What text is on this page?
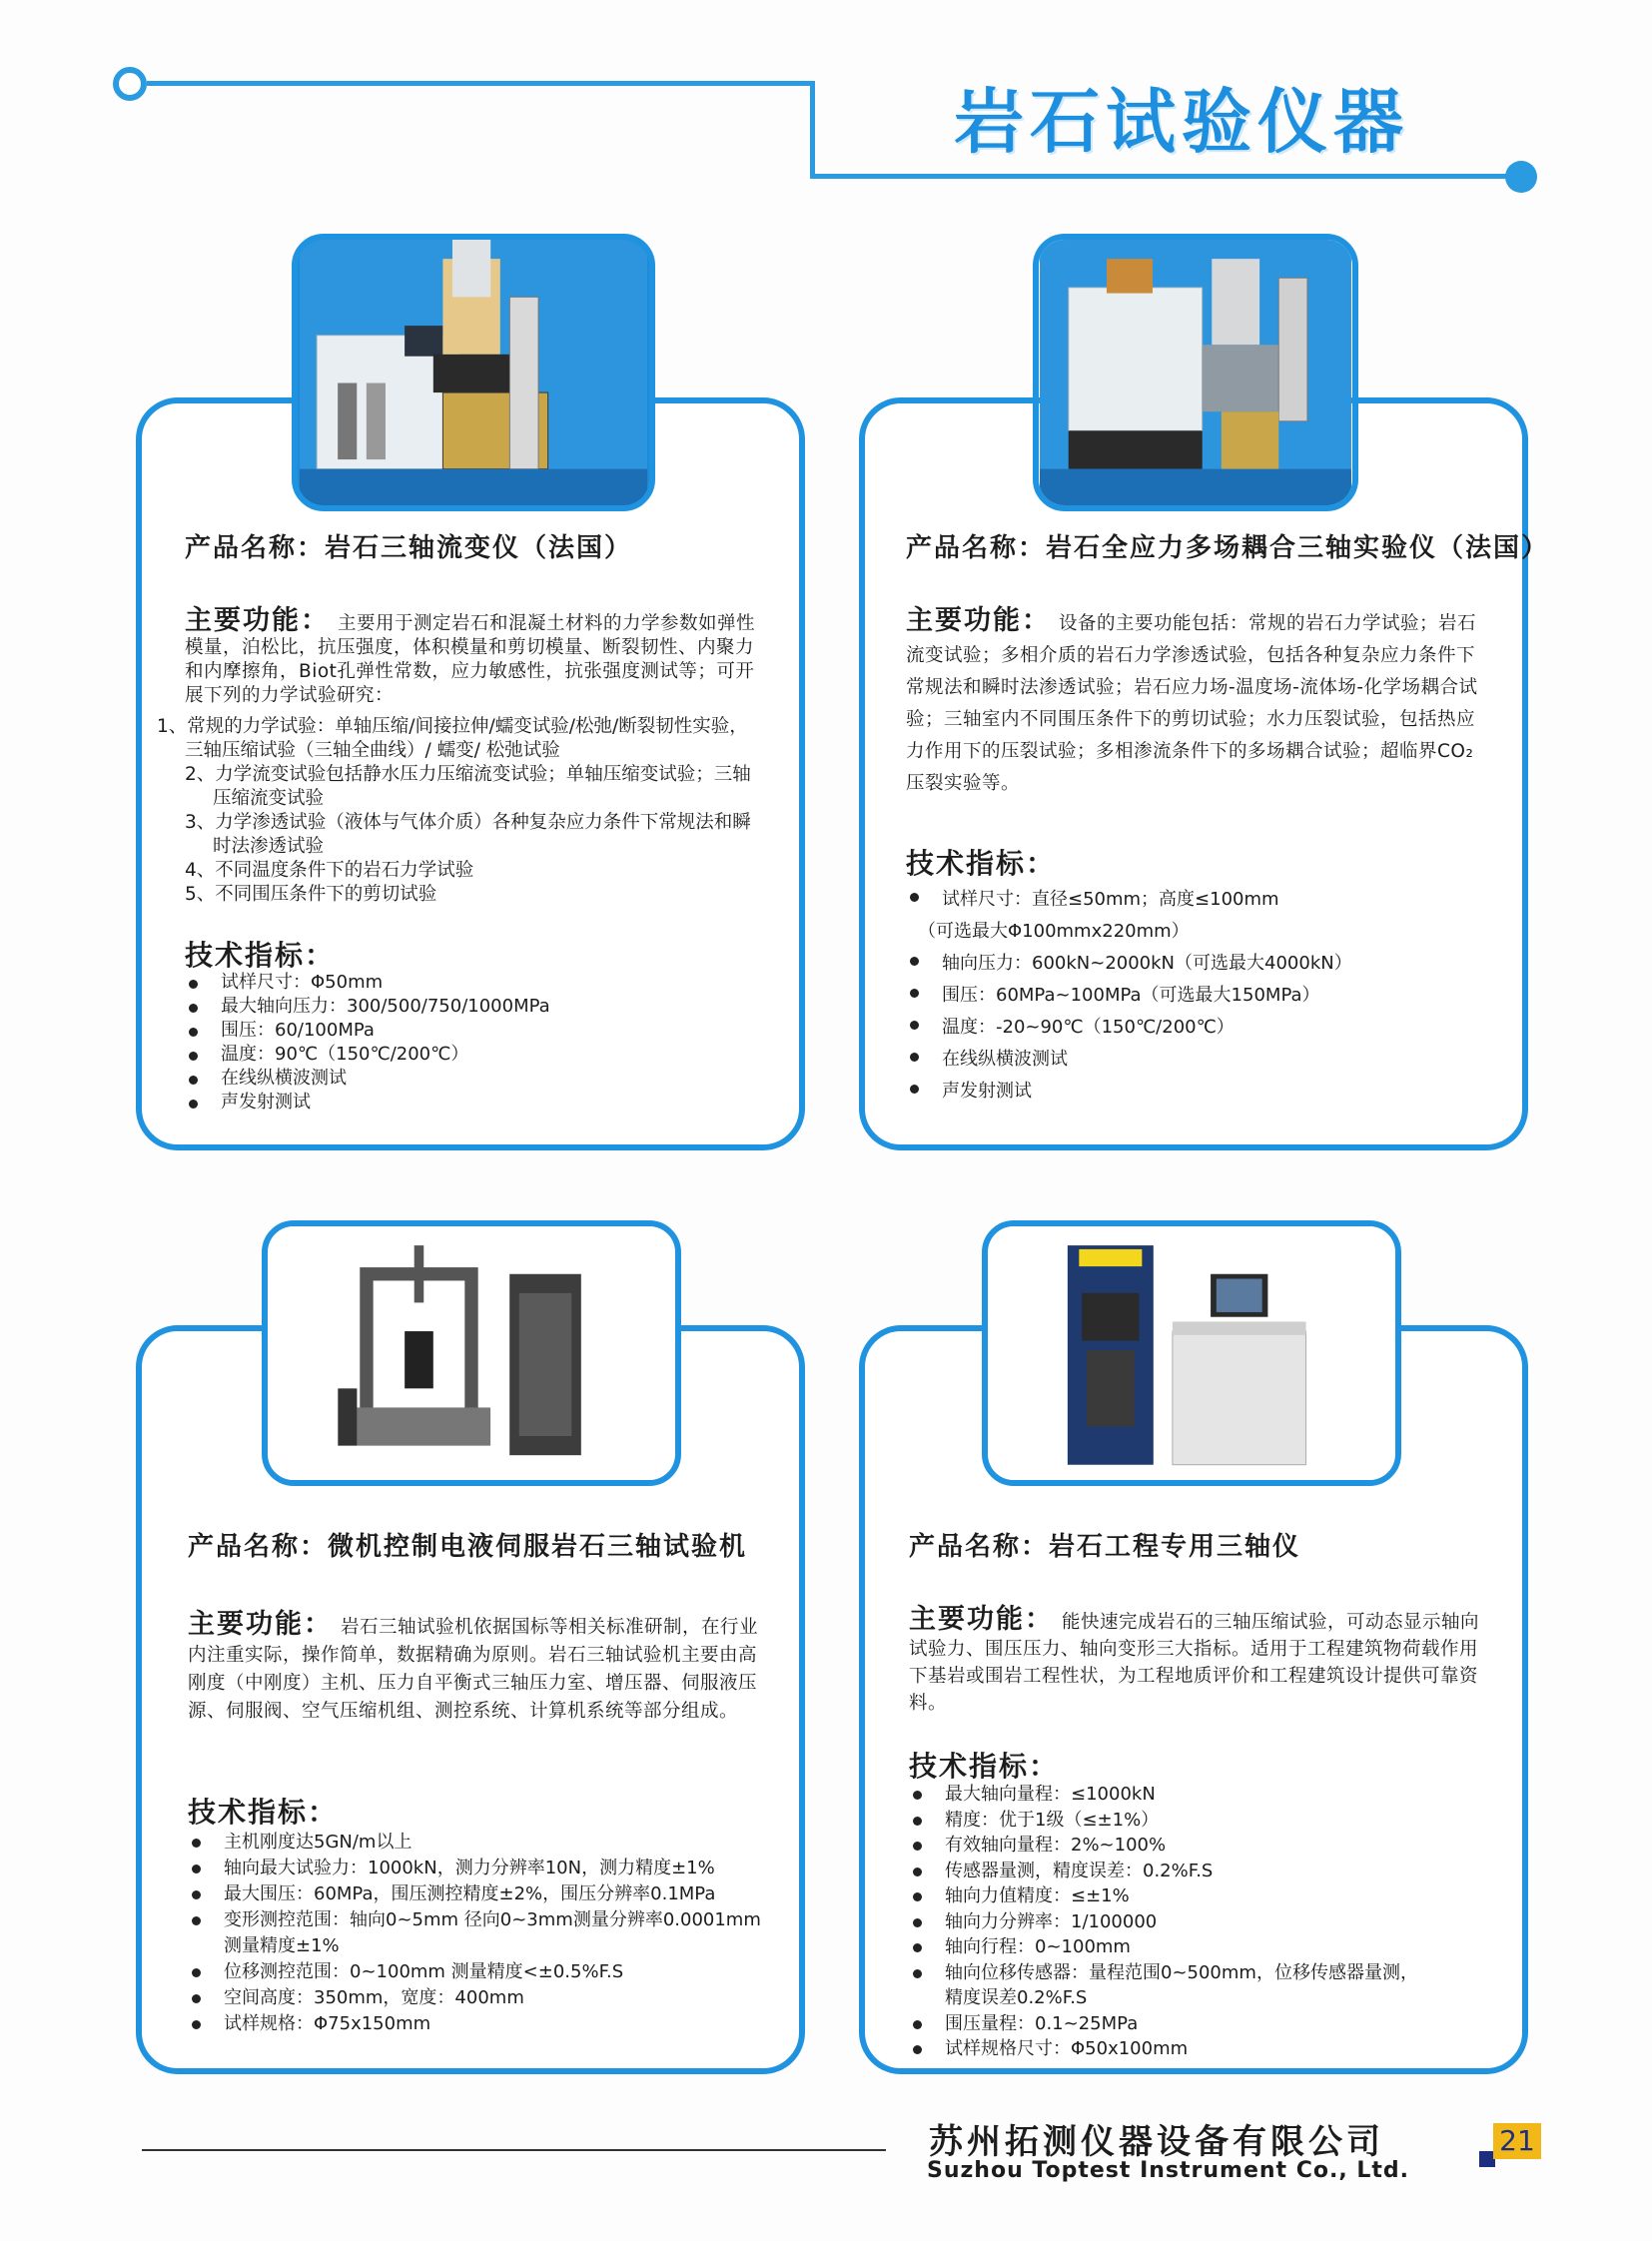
岩石试验仪器
产品名称：岩石三轴流变仪（法国）
主要功能： 主要用于测定岩石和混凝土材料的力学参数如弹性模量，泊松比，抗压强度，体积模量和剪切模量、断裂韧性、内聚力和内摩擦角，Biot孔弹性常数，应力敏感性，抗张强度测试等；可开展下列的力学试验研究：
1、常规的力学试验：单轴压缩/间接拉伸/蠕变试验/松弛/断裂韧性实验，三轴压缩试验（三轴全曲线）/ 蠕变/ 松弛试验
2、力学流变试验包括静水压力压缩流变试验；单轴压缩变试验；三轴压缩流变试验
3、力学渗透试验（液体与气体介质）各种复杂应力条件下常规法和瞬时法渗透试验
4、不同温度条件下的岩石力学试验
5、不同围压条件下的剪切试验
技术指标：
试样尺寸：Φ50mm
最大轴向压力：300/500/750/1000MPa
围压：60/100MPa
温度：90℃（150℃/200℃）
在线纵横波测试
声发射测试
产品名称：岩石全应力多场耦合三轴实验仪（法国）
主要功能： 设备的主要功能包括：常规的岩石力学试验；岩石流变试验；多相介质的岩石力学渗透试验，包括各种复杂应力条件下常规法和瞬时法渗透试验；岩石应力场-温度场-流体场-化学场耦合试验；三轴室内不同围压条件下的剪切试验；水力压裂试验，包括热应力作用下的压裂试验；多相渗流条件下的多场耦合试验；超临界CO₂压裂实验等。
技术指标：
试样尺寸：直径≤50mm；高度≤100mm
（可选最大Φ100mmx220mm）
轴向压力：600kN~2000kN（可选最大4000kN）
围压：60MPa~100MPa（可选最大150MPa）
温度：-20~90℃（150℃/200℃）
在线纵横波测试
声发射测试
产品名称：微机控制电液伺服岩石三轴试验机
主要功能： 岩石三轴试验机依据国标等相关标准研制，在行业内注重实际，操作简单，数据精确为原则。岩石三轴试验机主要由高刚度（中刚度）主机、压力自平衡式三轴压力室、增压器、伺服液压源、伺服阀、空气压缩机组、测控系统、计算机系统等部分组成。
技术指标：
主机刚度达5GN/m以上
轴向最大试验力：1000kN，测力分辨率10N，测力精度±1%
最大围压：60MPa，围压测控精度±2%，围压分辨率0.1MPa
变形测控范围：轴向0~5mm 径向0~3mm测量分辨率0.0001mm
测量精度±1%
位移测控范围：0~100mm 测量精度<±0.5%F.S
空间高度：350mm，宽度：400mm
试样规格：Φ75x150mm
产品名称：岩石工程专用三轴仪
主要功能： 能快速完成岩石的三轴压缩试验，可动态显示轴向试验力、围压压力、轴向变形三大指标。适用于工程建筑物荷载作用下基岩或围岩工程性状，为工程地质评价和工程建筑设计提供可靠资料。
技术指标：
最大轴向量程：≤1000kN
精度：优于1级（≤±1%）
有效轴向量程：2%~100%
传感器量测，精度误差：0.2%F.S
轴向力值精度：≤±1%
轴向力分辨率：1/100000
轴向行程：0~100mm
轴向位移传感器：量程范围0~500mm，位移传感器量测，
精度误差0.2%F.S
围压量程：0.1~25MPa
试样规格尺寸：Φ50x100mm
苏州拓测仪器设备有限公司
Suzhou Toptest Instrument Co., Ltd.
21
